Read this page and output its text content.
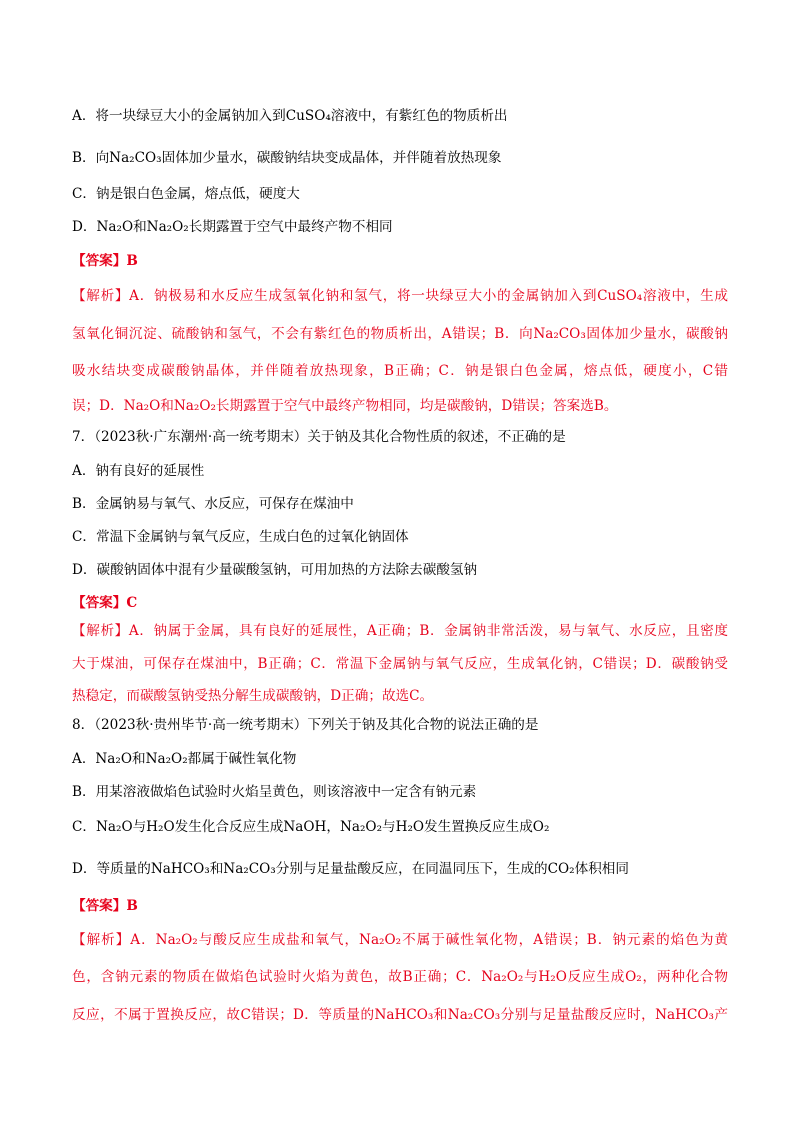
A．将一块绿豆大小的金属钠加入到CuSO₄溶液中，有紫红色的物质析出
B．向Na₂CO₃固体加少量水，碳酸钠结块变成晶体，并伴随着放热现象
C．钠是银白色金属，熔点低，硬度大
D．Na₂O和Na₂O₂长期露置于空气中最终产物不相同
【答案】B
【解析】A．钠极易和水反应生成氢氧化钠和氢气，将一块绿豆大小的金属钠加入到CuSO₄溶液中，生成
氢氧化铜沉淀、硫酸钠和氢气，不会有紫红色的物质析出，A错误；B．向Na₂CO₃固体加少量水，碳酸钠
吸水结块变成碳酸钠晶体，并伴随着放热现象，B正确；C．钠是银白色金属，熔点低，硬度小，C错
误；D．Na₂O和Na₂O₂长期露置于空气中最终产物相同，均是碳酸钠，D错误；答案选B。
7．（2023秋·广东潮州·高一统考期末）关于钠及其化合物性质的叙述，不正确的是
A．钠有良好的延展性
B．金属钠易与氧气、水反应，可保存在煤油中
C．常温下金属钠与氧气反应，生成白色的过氧化钠固体
D．碳酸钠固体中混有少量碳酸氢钠，可用加热的方法除去碳酸氢钠
【答案】C
【解析】A．钠属于金属，具有良好的延展性，A正确；B．金属钠非常活泼，易与氧气、水反应，且密度
大于煤油，可保存在煤油中，B正确；C．常温下金属钠与氧气反应，生成氧化钠，C错误；D．碳酸钠受
热稳定，而碳酸氢钠受热分解生成碳酸钠，D正确；故选C。
8．（2023秋·贵州毕节·高一统考期末）下列关于钠及其化合物的说法正确的是
A．Na₂O和Na₂O₂都属于碱性氧化物
B．用某溶液做焰色试验时火焰呈黄色，则该溶液中一定含有钠元素
C．Na₂O与H₂O发生化合反应生成NaOH，Na₂O₂与H₂O发生置换反应生成O₂
D．等质量的NaHCO₃和Na₂CO₃分别与足量盐酸反应，在同温同压下，生成的CO₂体积相同
【答案】B
【解析】A．Na₂O₂与酸反应生成盐和氧气，Na₂O₂不属于碱性氧化物，A错误；B．钠元素的焰色为黄
色，含钠元素的物质在做焰色试验时火焰为黄色，故B正确；C．Na₂O₂与H₂O反应生成O₂，两种化合物
反应，不属于置换反应，故C错误；D．等质量的NaHCO₃和Na₂CO₃分别与足量盐酸反应时，NaHCO₃产
